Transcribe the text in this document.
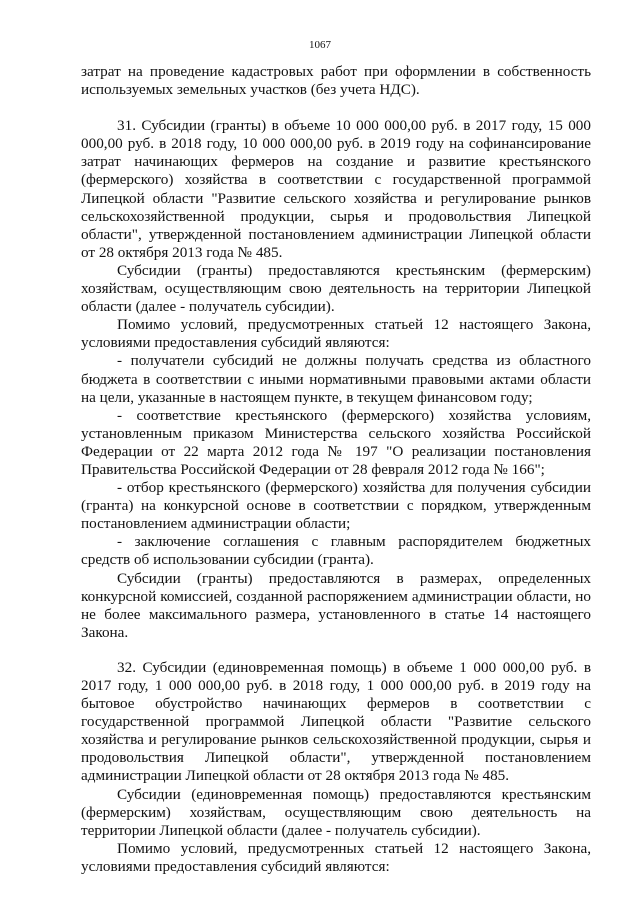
1067

затрат на проведение кадастровых работ при оформлении в собственность используемых земельных участков (без учета НДС).

31. Субсидии (гранты) в объеме 10 000 000,00 руб. в 2017 году, 15 000 000,00 руб. в 2018 году, 10 000 000,00 руб. в 2019 году на софинансирование затрат начинающих фермеров на создание и развитие крестьянского (фермерского) хозяйства в соответствии с государственной программой Липецкой области "Развитие сельского хозяйства и регулирование рынков сельскохозяйственной продукции, сырья и продовольствия Липецкой области", утвержденной постановлением администрации Липецкой области от 28 октября 2013 года № 485.

Субсидии (гранты) предоставляются крестьянским (фермерским) хозяйствам, осуществляющим свою деятельность на территории Липецкой области (далее - получатель субсидии).

Помимо условий, предусмотренных статьей 12 настоящего Закона, условиями предоставления субсидий являются:

- получатели субсидий не должны получать средства из областного бюджета в соответствии с иными нормативными правовыми актами области на цели, указанные в настоящем пункте, в текущем финансовом году;

- соответствие крестьянского (фермерского) хозяйства условиям, установленным приказом Министерства сельского хозяйства Российской Федерации от 22 марта 2012 года № 197 "О реализации постановления Правительства Российской Федерации от 28 февраля 2012 года № 166";

- отбор крестьянского (фермерского) хозяйства для получения субсидии (гранта) на конкурсной основе в соответствии с порядком, утвержденным постановлением администрации области;

- заключение соглашения с главным распорядителем бюджетных средств об использовании субсидии (гранта).

Субсидии (гранты) предоставляются в размерах, определенных конкурсной комиссией, созданной распоряжением администрации области, но не более максимального размера, установленного в статье 14 настоящего Закона.

32. Субсидии (единовременная помощь) в объеме 1 000 000,00 руб. в 2017 году, 1 000 000,00 руб. в 2018 году, 1 000 000,00 руб. в 2019 году на бытовое обустройство начинающих фермеров в соответствии с государственной программой Липецкой области "Развитие сельского хозяйства и регулирование рынков сельскохозяйственной продукции, сырья и продовольствия Липецкой области", утвержденной постановлением администрации Липецкой области от 28 октября 2013 года № 485.

Субсидии (единовременная помощь) предоставляются крестьянским (фермерским) хозяйствам, осуществляющим свою деятельность на территории Липецкой области (далее - получатель субсидии).

Помимо условий, предусмотренных статьей 12 настоящего Закона, условиями предоставления субсидий являются:
